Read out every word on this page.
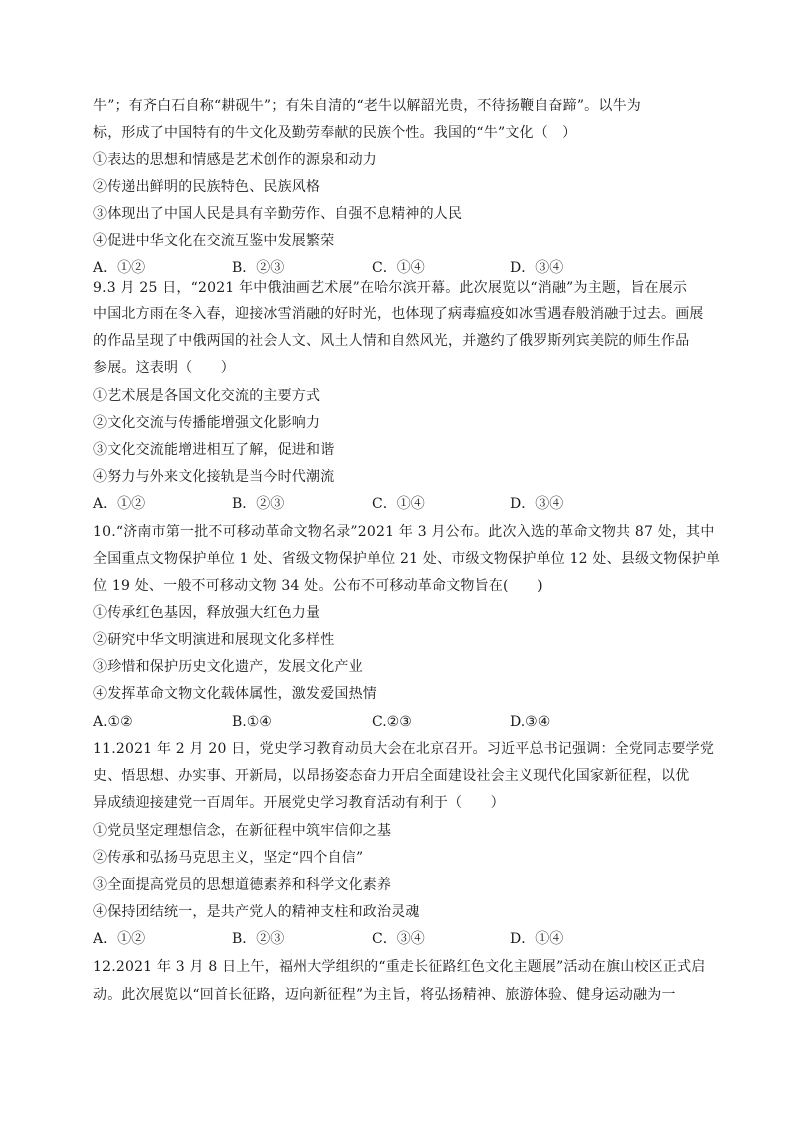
牛”；有齐白石自称“耕砚牛”；有朱自清的“老牛以解韶光贵，不待扬鞭自奋蹄”。以牛为
标，形成了中国特有的牛文化及勤劳奉献的民族个性。我国的“牛”文化（　）
①表达的思想和情感是艺术创作的源泉和动力
②传递出鲜明的民族特色、民族风格
③体现出了中国人民是具有辛勤劳作、自强不息精神的人民
④促进中华文化在交流互鉴中发展繁荣
A．①②	B．②③	C．①④	D．③④
9.3 月 25 日，“2021 年中俄油画艺术展”在哈尔滨开幕。此次展览以“消融”为主题，旨在展示
中国北方雨在冬入春，迎接冰雪消融的好时光，也体现了病毒瘟疫如冰雪遇春般消融于过去。画展
的作品呈现了中俄两国的社会人文、风土人情和自然风光，并邀约了俄罗斯列宾美院的师生作品
参展。这表明（　　）
①艺术展是各国文化交流的主要方式
②文化交流与传播能增强文化影响力
③文化交流能增进相互了解，促进和谐
④努力与外来文化接轨是当今时代潮流
A．①②	B．②③	C．①④	D．③④
10.“济南市第一批不可移动革命文物名录”2021 年 3 月公布。此次入选的革命文物共 87 处，其中
全国重点文物保护单位 1 处、省级文物保护单位 21 处、市级文物保护单位 12 处、县级文物保护单
位 19 处、一般不可移动文物 34 处。公布不可移动革命文物旨在(　　)
①传承红色基因，释放强大红色力量
②研究中华文明演进和展现文化多样性
③珍惜和保护历史文化遗产，发展文化产业
④发挥革命文物文化载体属性，激发爱国热情
A.①②	B.①④	C.②③	D.③④
11.2021 年 2 月 20 日，党史学习教育动员大会在北京召开。习近平总书记强调：全党同志要学党
史、悟思想、办实事、开新局，以昂扬姿态奋力开启全面建设社会主义现代化国家新征程，以优
异成绩迎接建党一百周年。开展党史学习教育活动有利于（　　）
①党员坚定理想信念，在新征程中筑牢信仰之基
②传承和弘扬马克思主义，坚定“四个自信”
③全面提高党员的思想道德素养和科学文化素养
④保持团结统一，是共产党人的精神支柱和政治灵魂
A．①②	B．②③	C．③④	D．①④
12.2021 年 3 月 8 日上午，福州大学组织的“重走长征路红色文化主题展”活动在旗山校区正式启
动。此次展览以“回首长征路，迈向新征程”为主旨，将弘扬精神、旅游体验、健身运动融为一
